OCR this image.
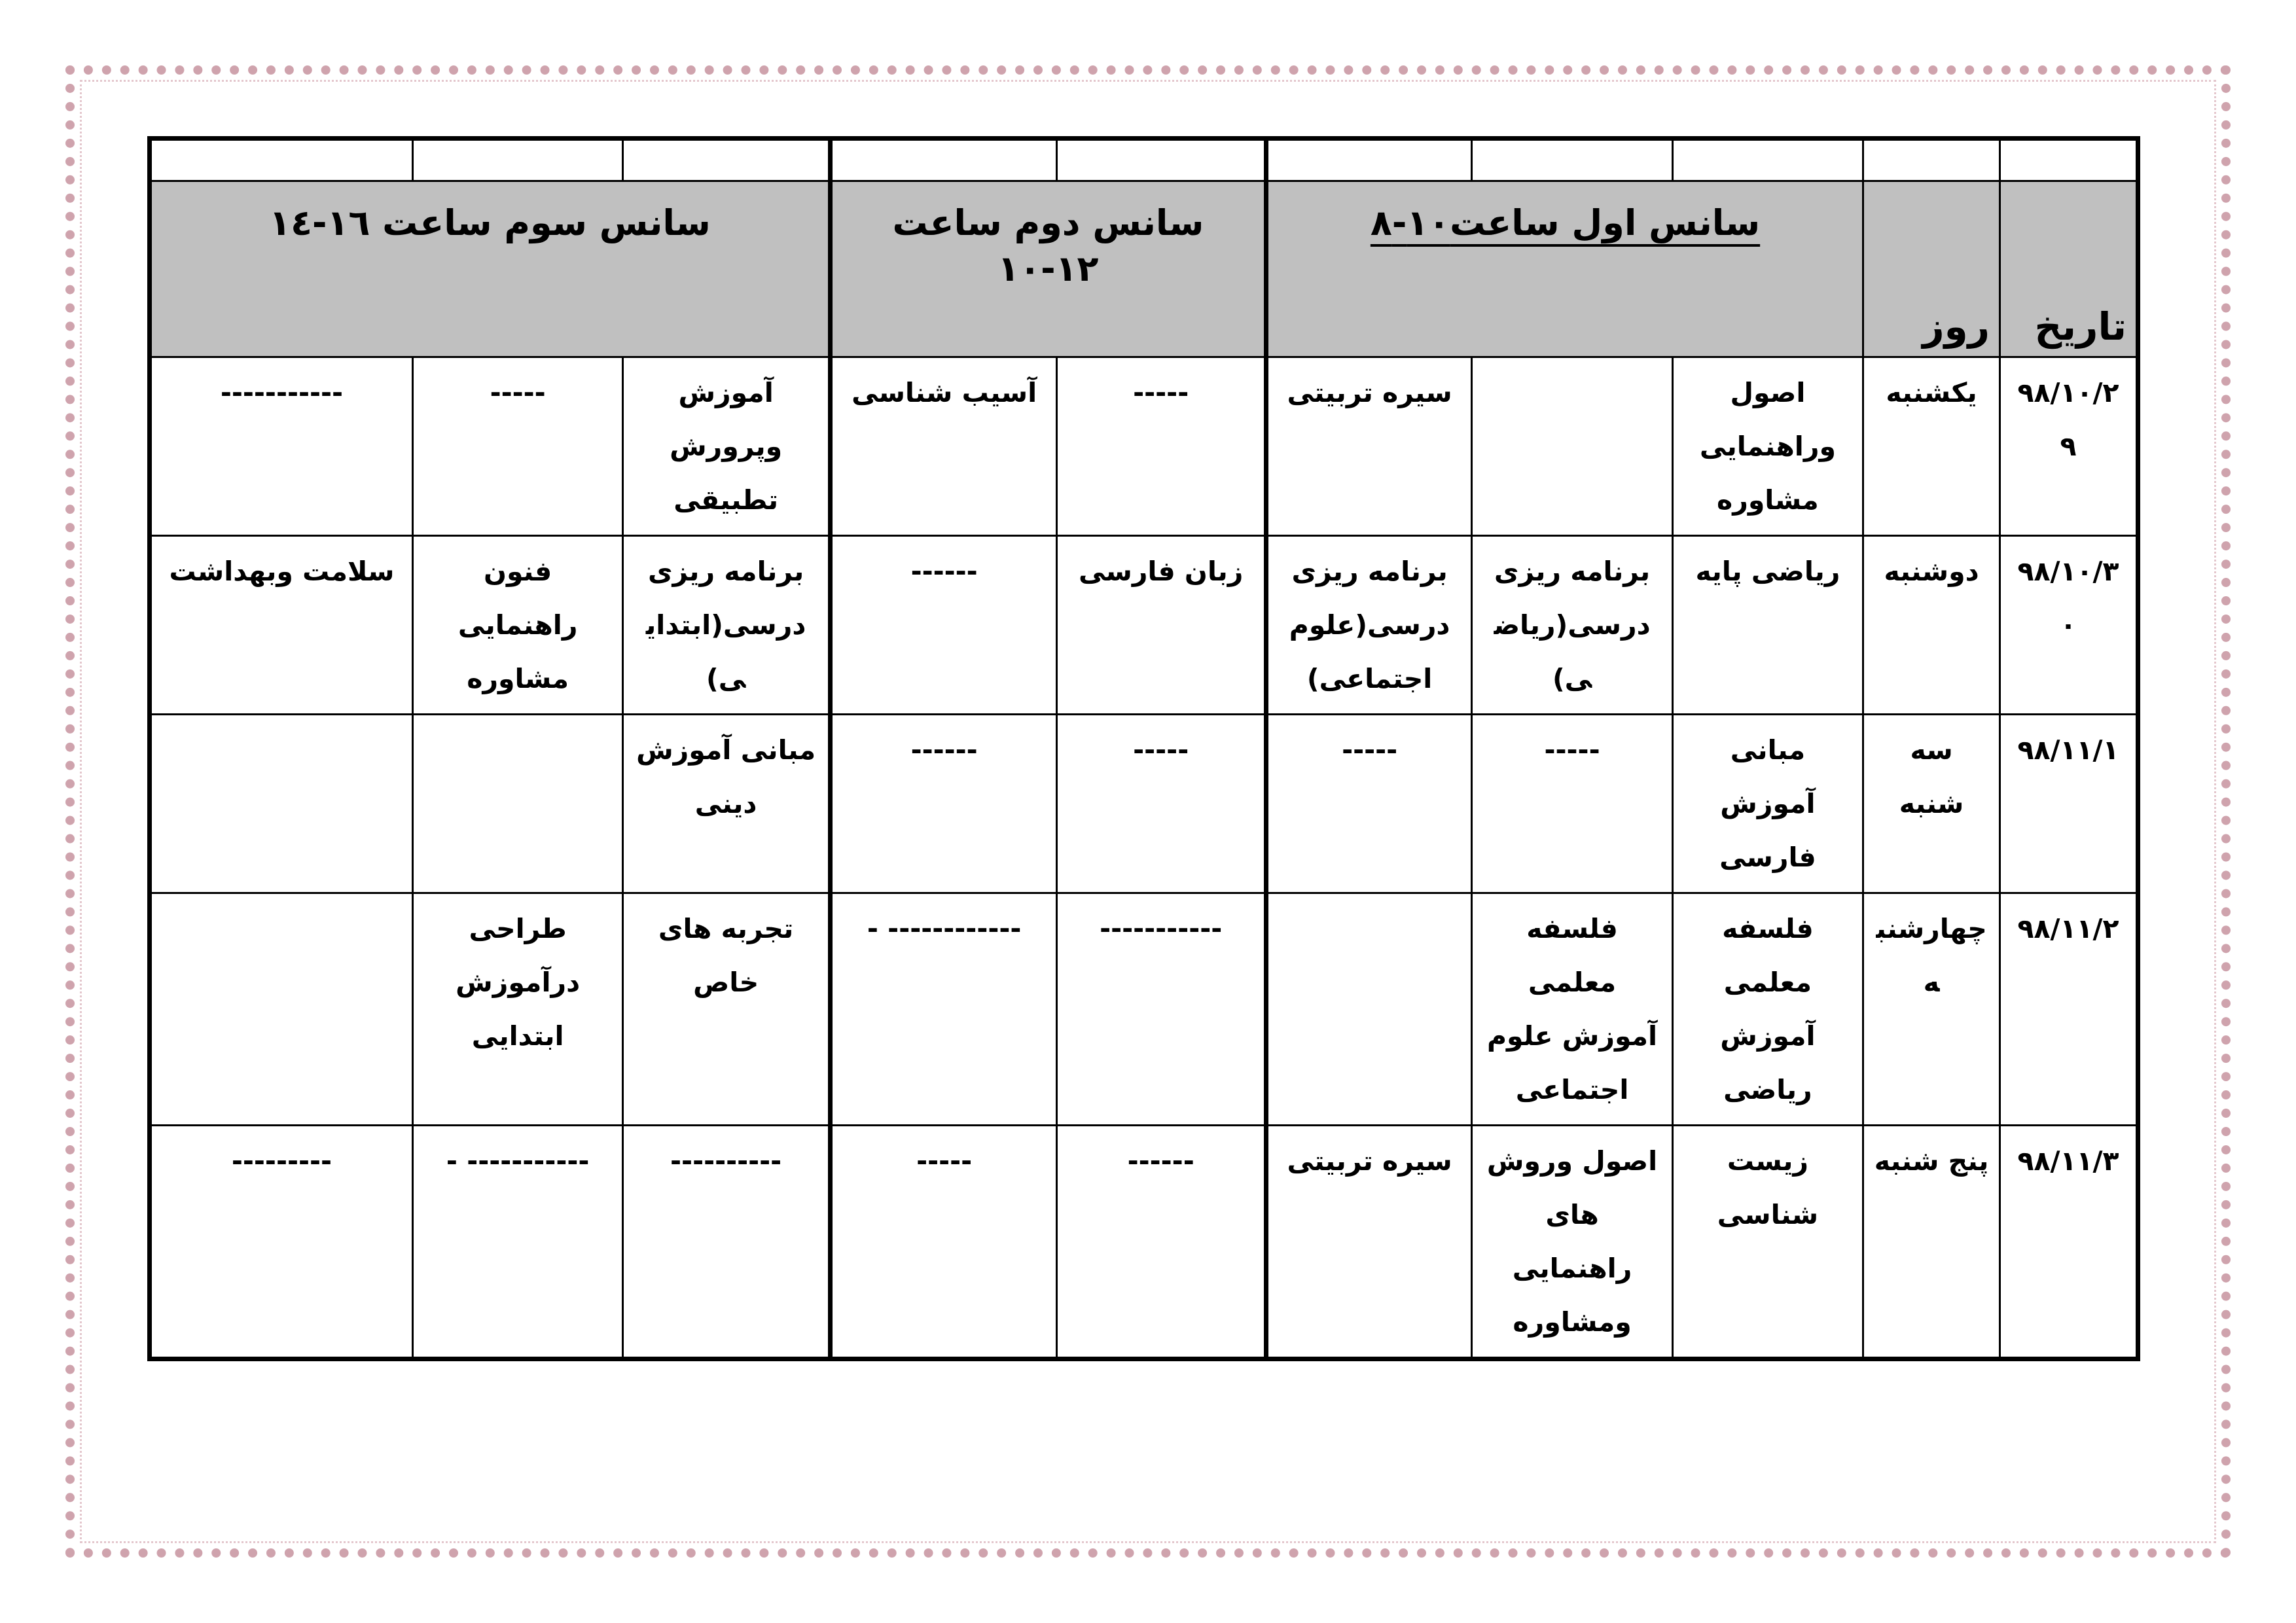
تاریخ	روز	سانس اول ساعت۱۰-۸			سانس دوم ساعت ۱۲-۱۰		سانس سوم ساعت ۱٦-۱٤		
۹۸/۱۰/۲۹	یکشنبه	اصول وراهنمایی مشاوره		سیره تربیتی	-----	آسیب شناسی	آموزش وپرورش تطبیقی	-----	-----------
۹۸/۱۰/۳۰	دوشنبه	ریاضی پایه	برنامه ریزی درسی(ریاضی)	برنامه ریزی درسی(علوم اجتماعی)	زبان فارسی	------	برنامه ریزی درسی(ابتدایی)	فنون راهنمایی مشاوره	سلامت وبهداشت
۹۸/۱۱/۱	سه شنبه	مبانی آموزش فارسی	-----	-----	-----	------	مبانی آموزش دینی		
۹۸/۱۱/۲	چهارشنبه	فلسفه معلمی آموزش ریاضی	فلسفه معلمی آموزش علوم اجتماعی		-----------	------------ -	تجربه های خاص	طراحی درآموزش ابتدایی	
۹۸/۱۱/۳	پنج شنبه	زیست شناسی	اصول وروش های راهنمایی ومشاوره	سیره تربیتی	------	-----	----------	----------- -	---------
